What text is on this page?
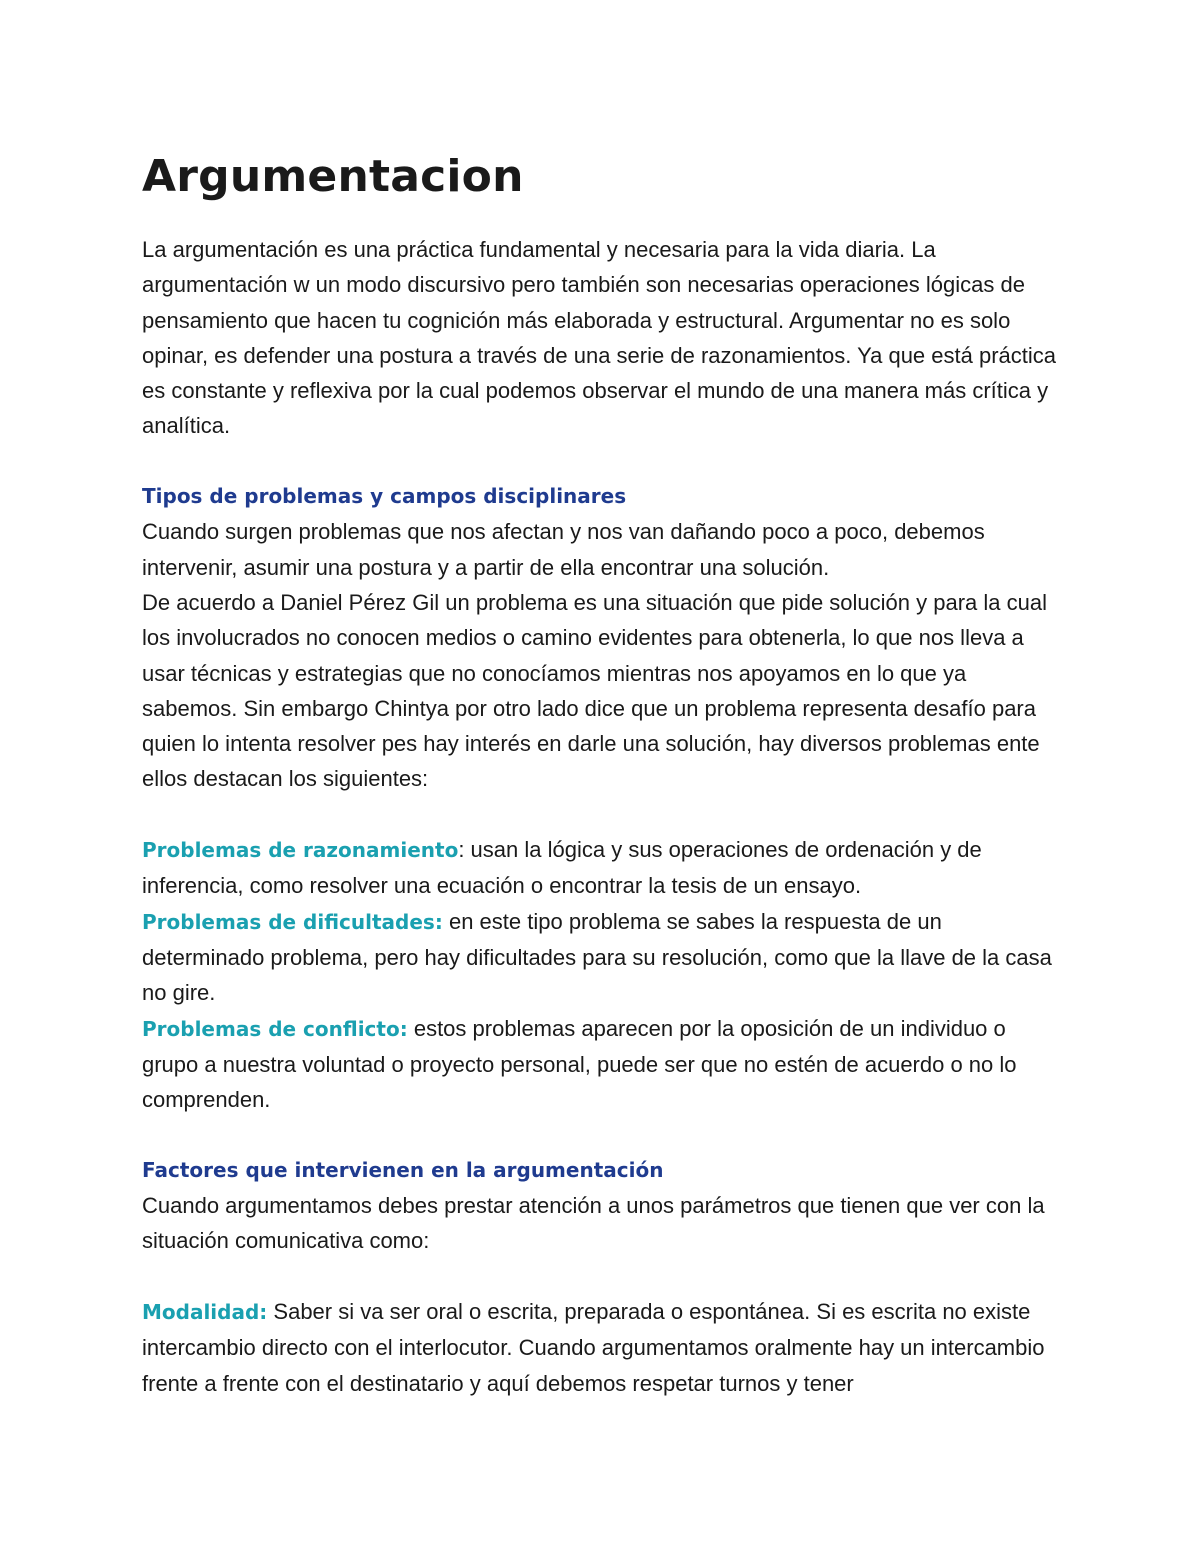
Argumentacion

La argumentación es una práctica fundamental y necesaria para la vida diaria. La argumentación w un modo discursivo pero también son necesarias operaciones lógicas de pensamiento que hacen tu cognición más elaborada y estructural. Argumentar no es solo opinar, es defender una postura a través de una serie de razonamientos. Ya que está práctica es constante y reflexiva por la cual podemos observar el mundo de una manera más crítica y analítica.

Tipos de problemas y campos disciplinares

Cuando surgen problemas que nos afectan y nos van dañando poco a poco, debemos intervenir, asumir una postura y a partir de ella encontrar una solución.

De acuerdo a Daniel Pérez Gil un problema es una situación que pide solución y para la cual los involucrados no conocen medios o camino evidentes para obtenerla, lo que nos lleva a usar técnicas y estrategias que no conocíamos mientras nos apoyamos en lo que ya sabemos. Sin embargo Chintya por otro lado dice que un problema representa desafío para quien lo intenta resolver pes hay interés en darle una solución, hay diversos problemas ente ellos destacan los siguientes:

Problemas de razonamiento: usan la lógica y sus operaciones de ordenación y de inferencia, como resolver una ecuación o encontrar la tesis de un ensayo.

Problemas de dificultades: en este tipo problema se sabes la respuesta de un determinado problema, pero hay dificultades para su resolución, como que la llave de la casa no gire.

Problemas de conflicto: estos problemas aparecen por la oposición de un individuo o grupo a nuestra voluntad o proyecto personal, puede ser que no estén de acuerdo o no lo comprenden.

Factores que intervienen en la argumentación

Cuando argumentamos debes prestar atención a unos parámetros que tienen que ver con la situación comunicativa como:

Modalidad: Saber si va ser oral o escrita, preparada o espontánea. Si es escrita no existe intercambio directo con el interlocutor. Cuando argumentamos oralmente hay un intercambio frente a frente con el destinatario y aquí debemos respetar turnos y tener
